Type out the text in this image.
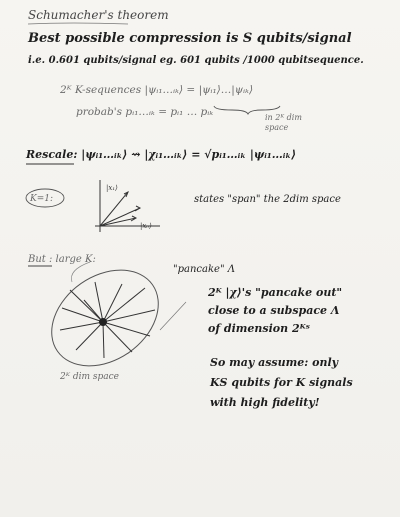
Schumacher's theorem
Best possible compression is S qubits/signal
i.e. 0.601 qubits/signal eg. 601 qubits /1000 qubitsequence.
2ᴷ K-sequences |ψᵢ₁…ᵢₖ⟩ = |ψᵢ₁⟩…|ψᵢₖ⟩
probab's pᵢ₁…ᵢₖ = pᵢ₁ … pᵢₖ	in 2ᴷ dim
space
Rescale: |ψᵢ₁…ᵢₖ⟩ ⇝ |χᵢ₁…ᵢₖ⟩ = √pᵢ₁…ᵢₖ |ψᵢ₁…ᵢₖ⟩
K=1:
|x₁⟩
|x₀⟩
states "span" the 2dim space
But : large K:
"pancake" Λ
2ᴷ |χ⟩'s "pancake out"
close to a subspace Λ
of dimension 2ᴷˢ
So may assume: only
KS qubits for K signals
with high fidelity!
2ᴷ dim space
